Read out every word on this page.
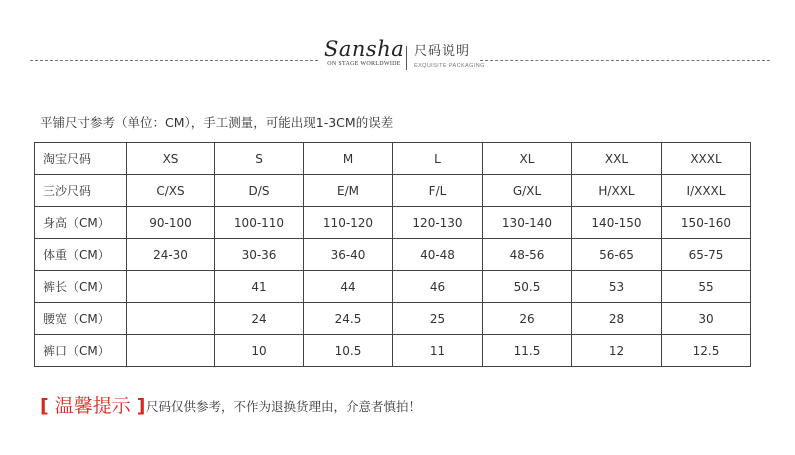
Sansha
ON STAGE WORLDWIDE
尺码说明
EXQUISITE PACKAGING
平铺尺寸参考（单位：CM），手工测量，可能出现1-3CM的误差
淘宝尺码	XS	S	M	L	XL	XXL	XXXL
三沙尺码	C/XS	D/S	E/M	F/L	G/XL	H/XXL	I/XXXL
身高（CM）	90-100	100-110	110-120	120-130	130-140	140-150	150-160
体重（CM）	24-30	30-36	36-40	40-48	48-56	56-65	65-75
裤长（CM）		41	44	46	50.5	53	55
腰宽（CM）		24	24.5	25	26	28	30
裤口（CM）		10	10.5	11	11.5	12	12.5
[ 温馨提示 ] 尺码仅供参考，不作为退换货理由，介意者慎拍！
